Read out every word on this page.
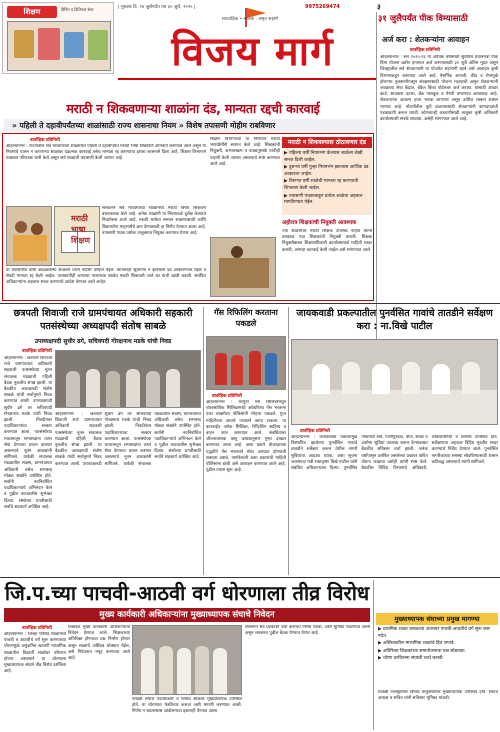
शिक्षण	प्रिंटिंग व डिजिटल सेवा	| गुरुवार दि. २४ जुलैपर्यंत तय ३० जुलै, २०२५ |	9975269474	३
साप्ताहिक • मालक : अमृत सहाणे
विजय मार्ग
३१ जुलैपर्यंत पीक विम्यासाठी
अर्ज करा : शेतकऱ्यांना आवाहन
वार्ताहिक प्रतिनिधी
अहिल्यानगर : सन २०२५-२६ या आर्थिक वर्षासाठी सुधारित प्रधानमंत्री पीक विमा योजना खरीप हंगामात अर्ज करण्यासाठी ३१ जुलै अंतिम मुदत असून जिल्ह्यातील सर्व शेतकऱ्यांनी या योजनेत सहभागी व्हावे असे आवाहन कृषी विभागाकडून करण्यात आले आहे. नैसर्गिक आपत्ती, कीड व रोगांमुळे होणाऱ्या नुकसानीपासून संरक्षणासाठी योजना महत्वाची असून शेतकऱ्यांनी जवळच्या सेवा केंद्रात, बँकेत किंवा पोर्टलवर अर्ज करावा. यासाठी आधार कार्ड, सातबारा उतारा, बँक पासबुक व पेरणी प्रमाणपत्र आवश्यक आहे. शेतकऱ्यांना अत्यल्प हप्ता भरावा लागणार असून उर्वरित रक्कम शासन भरणार आहे. नोंदणीतील त्रुटी टाळण्यासाठी शेतकऱ्यांनी कागदपत्रांची पडताळणी करून घ्यावी. कोणत्याही अडचणीसाठी तालुका कृषी अधिकारी कार्यालयाशी संपर्क साधावा, असेही सांगण्यात आले आहे.
मराठी न शिकवणाऱ्या शाळांना दंड, मान्यता रद्दची कारवाई
» पहिली ते दहावीपर्यंतच्या शाळांसाठी राज्य शासनाचा नियम » विशेष तपासणी मोहीम राबविणार
वार्ताहिक प्रतिनिधी
अहिल्यानगर : राज्यातील सर्व माध्यमांच्या शाळांमध्ये पहिली ते दहावीपर्यंत मराठी भाषा शिकविणे अनिवार्य करण्यात आले असून या नियमाचे पालन न करणाऱ्या शाळांवर दंडात्मक कारवाई तसेच मान्यता रद्द करण्याचा इशारा शासनाने दिला आहे. शिक्षण विभागाने याबाबत परिपत्रक जारी केले असून सर्व शाळांची तपासणी केली जाणार आहे.
मराठी भाषा शिक्षण
सरकारने सर्व माध्यमांच्या शाळांमध्ये मराठी विषय शिकवणे बंधनकारक केले आहे. अनेक शाळांनी या नियमाकडे दुर्लक्ष केल्याचे निदर्शनास आले आहे. मराठी भाषेचा सन्मान राखण्यासाठी आणि विद्यार्थ्यांना मातृभाषेचे ज्ञान देण्यासाठी हा निर्णय घेण्यात आला आहे. तपासणी पथक प्रत्येक तालुक्यात नियुक्त करण्यात येणार आहे.
या तपासणीत दोषी आढळलेल्या शाळांना प्रथम नोटीस देण्यात येईल. त्यानंतरही सुधारणा न झाल्यास दंड आकारण्यात येईल व शेवटी मान्यता रद्द केली जाईल. पालकांनीही आपल्या पाल्यांच्या शाळेत मराठी शिकवली जाते का याची खात्री करावी. संबंधित अधिकाऱ्यांना अहवाल सादर करण्याचे आदेश देण्यात आले आहेत.
शिक्षण विभागाच्या या निर्णयाचे मराठी भाषाप्रेमींनी स्वागत केले आहे. शिक्षकांची नियुक्ती, अभ्यासक्रम व पाठ्यपुस्तके यांचीही पाहणी केली जाणार असल्याचे स्पष्ट करण्यात आले आहे.
मराठी न शिकवल्यास ठोठावणार दंड
▶ पहिल्या वर्षी नियमभंग केल्यास शाळेला लेखी समज दिली जाईल.
▶ दुसऱ्या वर्षी पुन्हा नियमभंग झाल्यास आर्थिक दंड आकारला जाईल.
▶ तिसऱ्या वर्षी शाळेची मान्यता रद्द करण्याची शिफारस केली जाईल.
▶ तपासणी पथकाकडून प्रत्येक शाळेचा अहवाल मागविण्यात येईल.
अहोरात्र शिक्षकांची नियुक्ती आवश्यक
ज्या शाळांमध्ये मराठी शिक्षक उपलब्ध नाहीत त्यांनी तात्काळ पात्र शिक्षकांची नियुक्ती करावी. शिक्षक नियुक्तीबाबत शिक्षणाधिकारी कार्यालयाकडे माहिती सादर करावी, अन्यथा कारवाई केली जाईल असे सांगण्यात आले.
छत्रपती शिवाजी राजे ग्रामपंचायत अधिकारी सहकारी पतसंस्थेच्या अध्यक्षपदी संतोष साबळे
उपाध्यक्षपदी सुधीर ढगे, सचिवपदी गोरक्षनाथ मडके यांची निवड
वार्ताहिक प्रतिनिधी
अहिल्यानगर : छत्रपती शिवाजी राजे ग्रामपंचायत अधिकारी सहकारी पतसंस्थेच्या नूतन संचालक मंडळाची पहिली बैठक नुकतीच संपन्न झाली. या बैठकीत अध्यक्षपदी संतोष साबळे यांची सर्वानुमते निवड करण्यात आली. उपाध्यक्षपदी सुधीर ढगे तर सचिवपदी गोरक्षनाथ मडके यांची निवड झाली. निवडीनंतर पदाधिकाऱ्यांचा सत्कार करण्यात आला. पतसंस्थेच्या माध्यमातून सभासदांना तत्पर सेवा देण्याचा प्रयत्न करणार असल्याचे नूतन अध्यक्षांनी सांगितले. यावेळी संचालक मंडळातील सदस्य, ग्रामपंचायत अधिकारी तसेच सभासद मोठ्या संख्येने उपस्थित होते. सर्वांनी नवनिर्वाचित पदाधिकाऱ्यांचे अभिनंदन केले व पुढील वाटचालीस शुभेच्छा दिल्या. संस्थेच्या प्रगतीसाठी सर्वांचे सहकार्य अपेक्षित आहे.
अहिल्यानगर : छत्रपती शिवाजी राजे ग्रामपंचायत अधिकारी सहकारी पतसंस्थेच्या नूतन संचालक मंडळाची पहिली बैठक नुकतीच संपन्न झाली. या बैठकीत अध्यक्षपदी संतोष साबळे यांची सर्वानुमते निवड करण्यात आली. उपाध्यक्षपदी सुधीर ढगे तर सचिवपदी गोरक्षनाथ मडके यांची निवड झाली. निवडीनंतर पदाधिकाऱ्यांचा सत्कार करण्यात आला. पतसंस्थेच्या माध्यमातून सभासदांना तत्पर सेवा देण्याचा प्रयत्न करणार असल्याचे नूतन अध्यक्षांनी सांगितले. यावेळी संचालक मंडळातील सदस्य, ग्रामपंचायत अधिकारी तसेच सभासद मोठ्या संख्येने उपस्थित होते. सर्वांनी नवनिर्वाचित पदाधिकाऱ्यांचे अभिनंदन केले व पुढील वाटचालीस शुभेच्छा दिल्या. संस्थेच्या प्रगतीसाठी सर्वांचे सहकार्य अपेक्षित आहे.
गॅस रिफिलिंग करताना पकडले
वार्ताहिक प्रतिनिधी
अहिल्यानगर : घरगुती गॅस सिलिंडरमधून व्यावसायिक सिलिंडरमध्ये अवैधरित्या गॅस भरताना एका व्यक्तीला पोलिसांनी रंगेहाथ पकडले. गुप्त माहितीच्या आधारे पथकाने छापा टाकला. या कारवाईत अनेक सिलिंडर, रिफिलिंग साहित्य व वाहन जप्त करण्यात आले. संबंधितांवर जीवनावश्यक वस्तू कायद्यानुसार गुन्हा दाखल करण्यात आला आहे. अशा प्रकारे धोकादायक पद्धतीने गॅस भरल्याने मोठा अपघात होण्याची शक्यता असते. नागरिकांनी अशा प्रकारांची माहिती पोलिसांना द्यावी असे आवाहन करण्यात आले आहे. पुढील तपास सुरू आहे.
जायकवाडी प्रकल्पातील पुनर्वसित गावांचे तातडीने सर्वेक्षण करा : ना.विखे पाटील
वार्ताहिक प्रतिनिधी
अहिल्यानगर : जायकवाडी प्रकल्पामुळे विस्थापित झालेल्या पुनर्वसित गावांचे तातडीने सर्वेक्षण करून तेथील नागरी सुविधांचा आढावा घ्यावा, अशा सूचना जलसंपदा मंत्री राधाकृष्ण विखे पाटील यांनी संबंधित अधिकाऱ्यांना दिल्या. पुनर्वसित गावांमध्ये रस्ते, पाणीपुरवठा, वीज, शाळा व आरोग्य सुविधा उपलब्ध करून देण्याबाबत बैठकीत सविस्तर चर्चा झाली. अनेक वर्षांपासून प्रलंबित असलेल्या प्रश्नांवर त्वरित तोडगा काढावा असेही त्यांनी स्पष्ट केले. बैठकीस विविध विभागांचे अधिकारी, लोकप्रतिनिधी व ग्रामस्थ उपस्थित होते. सर्वेक्षणाचा अहवाल विहित मुदतीत सादर करण्याचे निर्देश देण्यात आले. पुनर्वसित नागरिकांच्या समस्या सोडविण्यासाठी शासन कटिबद्ध असल्याचे त्यांनी सांगितले.
जि.प.च्या पाचवी-आठवी वर्ग धोरणाला तीव्र विरोध
मुख्य कार्यकारी अधिकाऱ्यांना मुख्याध्यापक संघाचे निवेदन
वार्ताहिक प्रतिनिधी
अहिल्यानगर : जिल्हा परिषद शाळांमध्ये पाचवी व आठवीचे वर्ग सुरू करण्याच्या धोरणामुळे अनुदानित खाजगी माध्यमिक शाळांतील विद्यार्थी संख्येवर परिणाम होणार असल्याने या धोरणाला मुख्याध्यापक संघाने तीव्र विरोध दर्शविला आहे.
याबाबत मुख्य कार्यकारी अधिकाऱ्यांना निवेदन देण्यात आले. शिक्षकांच्या अतिरिक्त होण्याचा प्रश्न निर्माण होणार असून शाळांचे अस्तित्व धोक्यात येईल, असे निवेदनात नमूद करण्यात आले आहे.
यावेळी संघाचे पदाधिकारी व विविध शाळांचे मुख्याध्यापक उपस्थित होते. या धोरणाचा फेरविचार करावा अशी मागणी करण्यात आली. निर्णय न बदलल्यास आंदोलनाचा इशाराही देण्यात आला.
शासनाने सर्व घटकांशी चर्चा करूनच निर्णय घ्यावा, अशी भूमिका मांडण्यात आली असून लवकरच पुढील बैठक घेण्यात येणार आहे.
मुख्याध्यापक संघाच्या प्रमुख मागण्या
▶ प्राथमिक शाळा जवळच्या अंतरावर पाचवी-आठवीचे वर्ग सुरू करू नयेत.
▶ अस्तित्वातील माध्यमिक शाळांचे हित जपावे.
▶ अतिरिक्त शिक्षकांच्या समायोजनाचा प्रश्न सोडवावा.
▶ धोरण ठरविताना संघाशी चर्चा करावी.
यावेळी जिल्ह्यातील विविध तालुक्यांतील मुख्याध्यापक उपस्थित होते. संघाचे अध्यक्ष व सचिव यांनी सविस्तर भूमिका मांडली.
